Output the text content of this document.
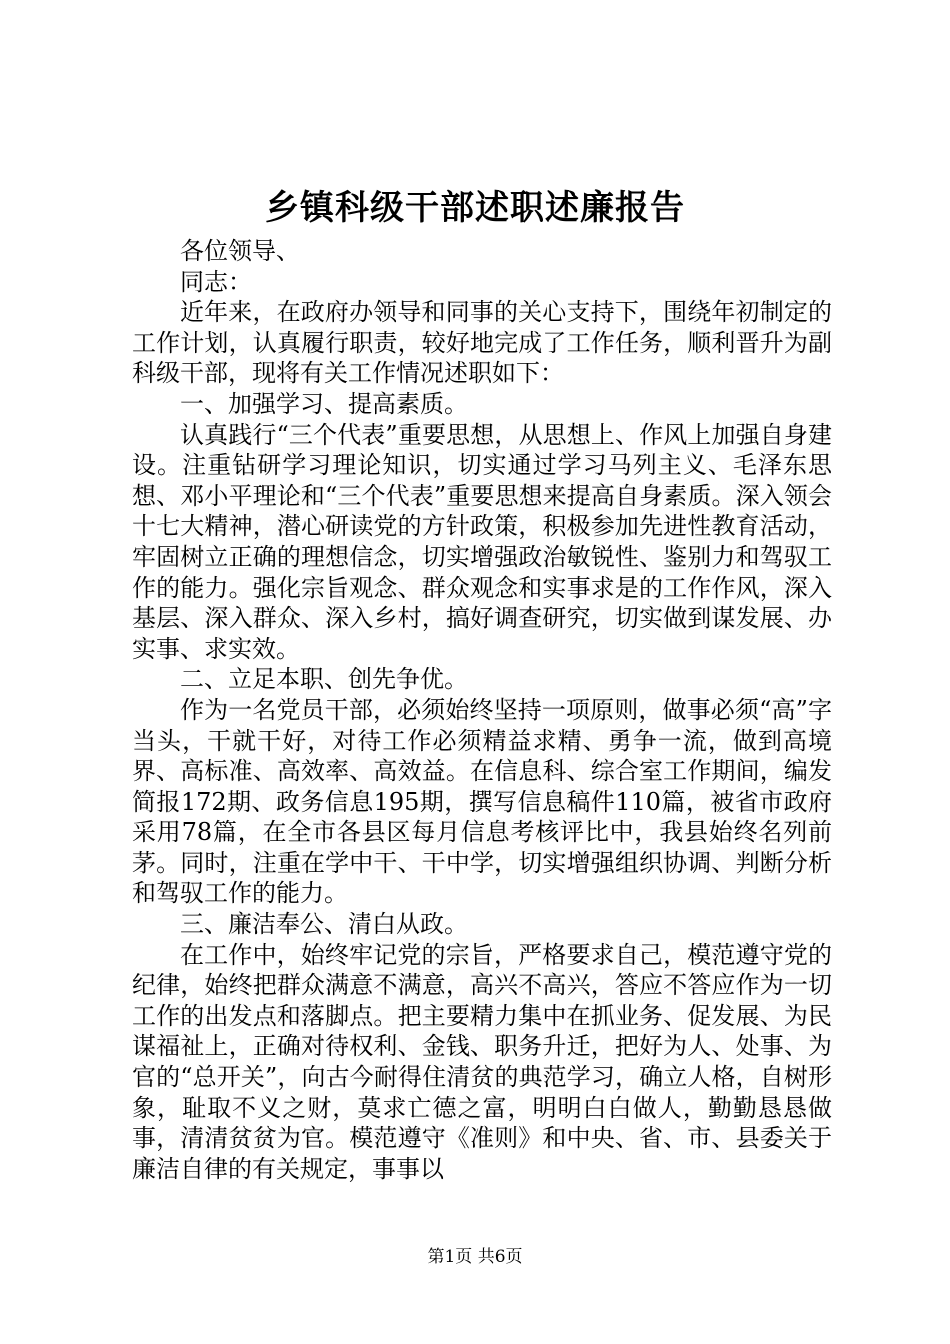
乡镇科级干部述职述廉报告

各位领导、

同志：

近年来，在政府办领导和同事的关心支持下，围绕年初制定的工作计划，认真履行职责，较好地完成了工作任务，顺利晋升为副科级干部，现将有关工作情况述职如下：

一、加强学习、提高素质。

认真践行“三个代表”重要思想，从思想上、作风上加强自身建设。注重钻研学习理论知识，切实通过学习马列主义、毛泽东思想、邓小平理论和“三个代表”重要思想来提高自身素质。深入领会十七大精神，潜心研读党的方针政策，积极参加先进性教育活动，牢固树立正确的理想信念，切实增强政治敏锐性、鉴别力和驾驭工作的能力。强化宗旨观念、群众观念和实事求是的工作作风，深入基层、深入群众、深入乡村，搞好调查研究，切实做到谋发展、办实事、求实效。

二、立足本职、创先争优。

作为一名党员干部，必须始终坚持一项原则，做事必须“高”字当头，干就干好，对待工作必须精益求精、勇争一流，做到高境界、高标准、高效率、高效益。在信息科、综合室工作期间，编发简报172期、政务信息195期，撰写信息稿件110篇，被省市政府采用78篇，在全市各县区每月信息考核评比中，我县始终名列前茅。同时，注重在学中干、干中学，切实增强组织协调、判断分析和驾驭工作的能力。

三、廉洁奉公、清白从政。

在工作中，始终牢记党的宗旨，严格要求自己，模范遵守党的纪律，始终把群众满意不满意，高兴不高兴，答应不答应作为一切工作的出发点和落脚点。把主要精力集中在抓业务、促发展、为民谋福祉上，正确对待权利、金钱、职务升迁，把好为人、处事、为官的“总开关”，向古今耐得住清贫的典范学习，确立人格，自树形象，耻取不义之财，莫求亡德之富，明明白白做人，勤勤恳恳做事，清清贫贫为官。模范遵守《准则》和中央、省、市、县委关于廉洁自律的有关规定，事事以

第1页 共6页
